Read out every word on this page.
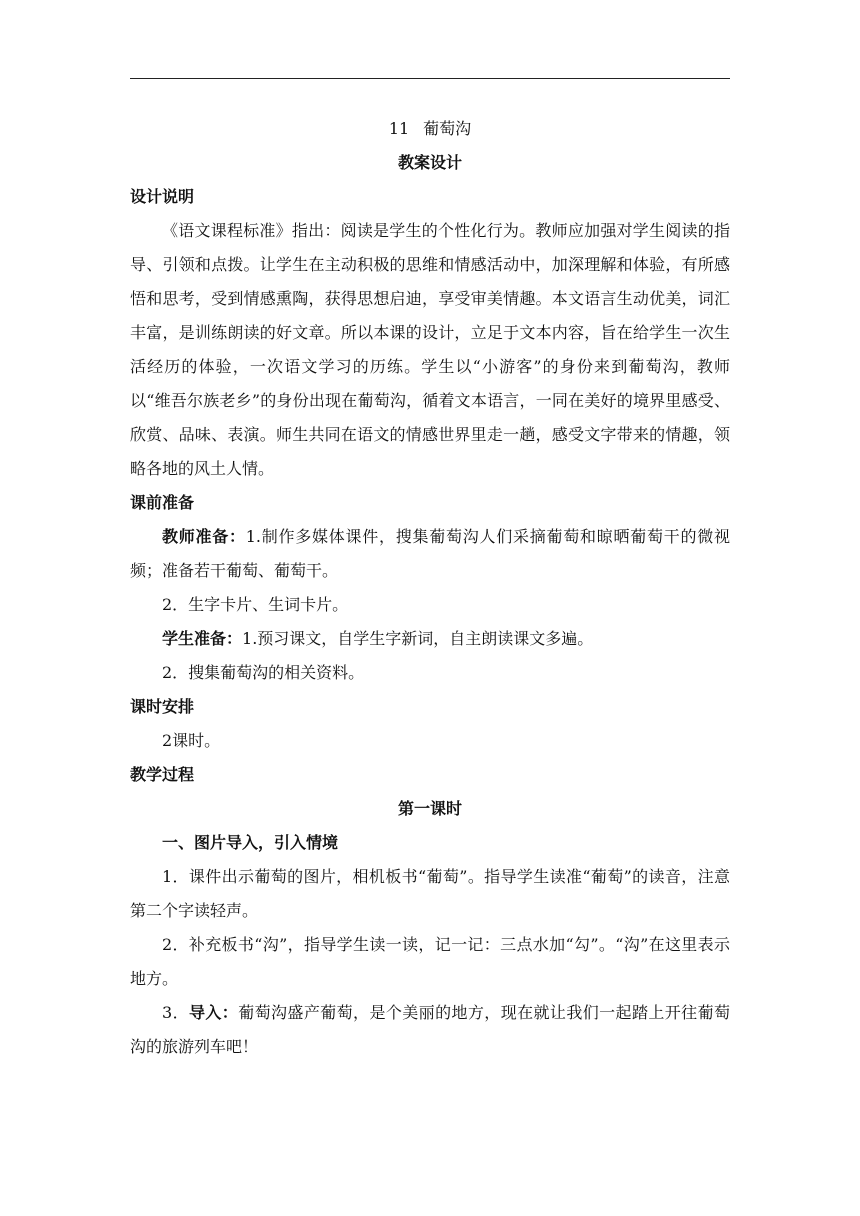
11 葡萄沟

教案设计

设计说明

《语文课程标准》指出：阅读是学生的个性化行为。教师应加强对学生阅读的指导、引领和点拨。让学生在主动积极的思维和情感活动中，加深理解和体验，有所感悟和思考，受到情感熏陶，获得思想启迪，享受审美情趣。本文语言生动优美，词汇丰富，是训练朗读的好文章。所以本课的设计，立足于文本内容，旨在给学生一次生活经历的体验，一次语文学习的历练。学生以“小游客”的身份来到葡萄沟，教师以“维吾尔族老乡”的身份出现在葡萄沟，循着文本语言，一同在美好的境界里感受、欣赏、品味、表演。师生共同在语文的情感世界里走一趟，感受文字带来的情趣，领略各地的风土人情。

课前准备

教师准备：1.制作多媒体课件，搜集葡萄沟人们采摘葡萄和晾晒葡萄干的微视频；准备若干葡萄、葡萄干。

2．生字卡片、生词卡片。

学生准备：1.预习课文，自学生字新词，自主朗读课文多遍。

2．搜集葡萄沟的相关资料。

课时安排

2课时。

教学过程

第一课时

一、图片导入，引入情境

1．课件出示葡萄的图片，相机板书“葡萄”。指导学生读准“葡萄”的读音，注意第二个字读轻声。

2．补充板书“沟”，指导学生读一读，记一记：三点水加“勾”。“沟”在这里表示地方。

3．导入：葡萄沟盛产葡萄，是个美丽的地方，现在就让我们一起踏上开往葡萄沟的旅游列车吧！
